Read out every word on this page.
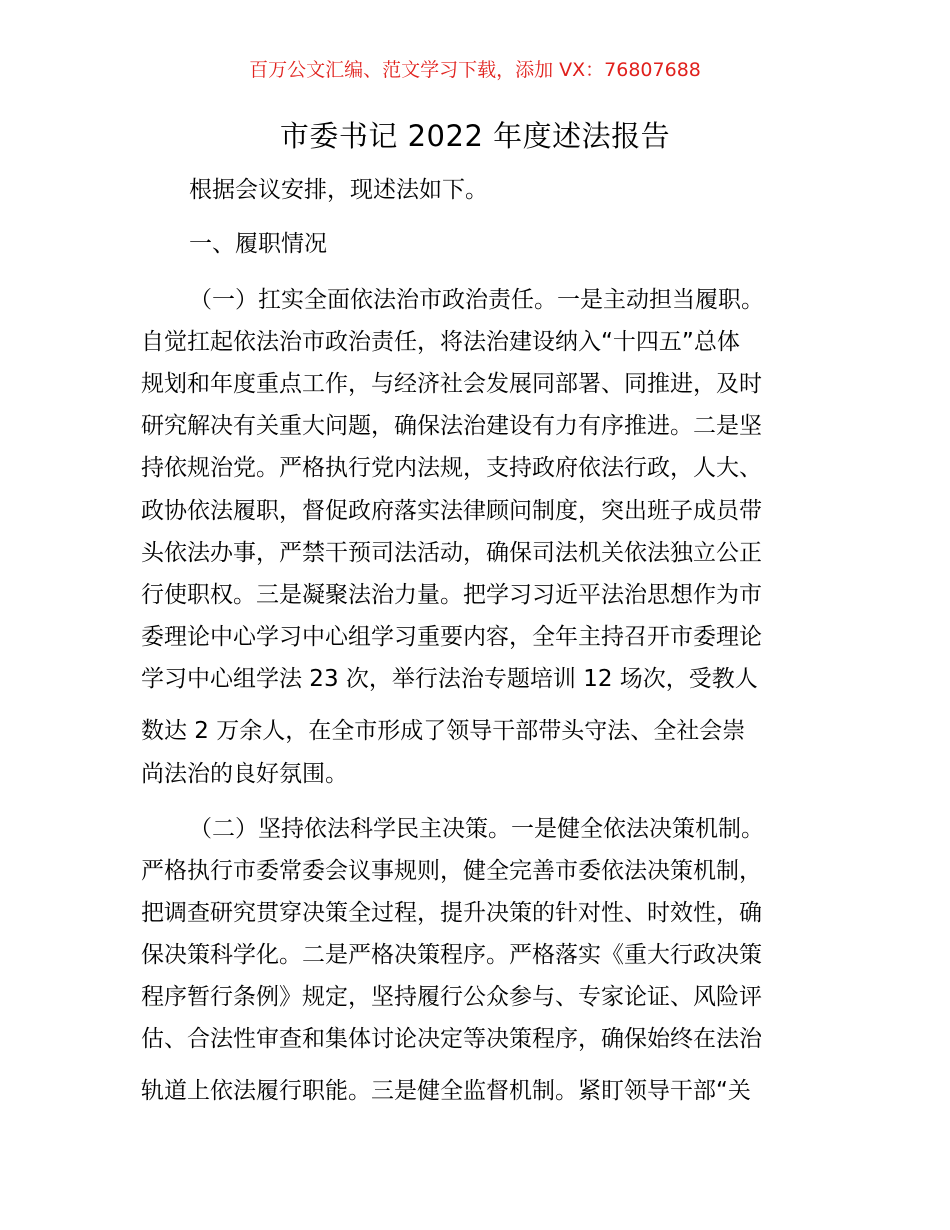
百万公文汇编、范文学习下载，添加 VX：76807688
市委书记 2022 年度述法报告
根据会议安排，现述法如下。
一、履职情况
（一）扛实全面依法治市政治责任。一是主动担当履职。
自觉扛起依法治市政治责任，将法治建设纳入“十四五”总体
规划和年度重点工作，与经济社会发展同部署、同推进，及时
研究解决有关重大问题，确保法治建设有力有序推进。二是坚
持依规治党。严格执行党内法规，支持政府依法行政，人大、
政协依法履职，督促政府落实法律顾问制度，突出班子成员带
头依法办事，严禁干预司法活动，确保司法机关依法独立公正
行使职权。三是凝聚法治力量。把学习习近平法治思想作为市
委理论中心学习中心组学习重要内容，全年主持召开市委理论
学习中心组学法 23 次，举行法治专题培训 12 场次，受教人
数达 2 万余人，在全市形成了领导干部带头守法、全社会崇
尚法治的良好氛围。
（二）坚持依法科学民主决策。一是健全依法决策机制。
严格执行市委常委会议事规则，健全完善市委依法决策机制，
把调查研究贯穿决策全过程，提升决策的针对性、时效性，确
保决策科学化。二是严格决策程序。严格落实《重大行政决策
程序暂行条例》规定，坚持履行公众参与、专家论证、风险评
估、合法性审查和集体讨论决定等决策程序，确保始终在法治
轨道上依法履行职能。三是健全监督机制。紧盯领导干部“关
